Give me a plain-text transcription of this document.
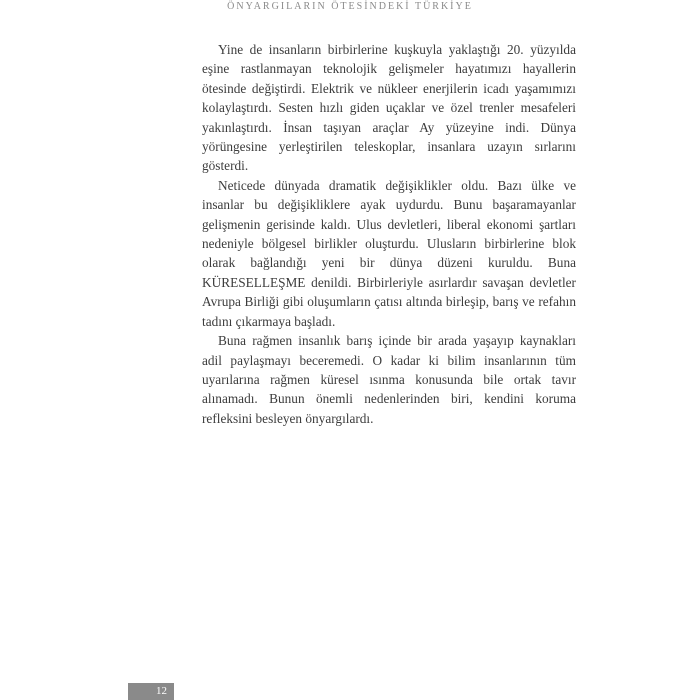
ÖNYARGILARIN ÖTESİNDEKİ TÜRKİYE

Yine de insanların birbirlerine kuşkuyla yaklaştığı 20. yüzyılda eşine rastlanmayan teknolojik gelişmeler hayatımızı hayallerin ötesinde değiştirdi. Elektrik ve nükleer enerjilerin icadı yaşamımızı kolaylaştırdı. Sesten hızlı giden uçaklar ve özel trenler mesafeleri yakınlaştırdı. İnsan taşıyan araçlar Ay yüzeyine indi. Dünya yörüngesine yerleştirilen teleskoplar, insanlara uzayın sırlarını gösterdi.

Neticede dünyada dramatik değişiklikler oldu. Bazı ülke ve insanlar bu değişikliklere ayak uydurdu. Bunu başaramayanlar gelişmenin gerisinde kaldı. Ulus devletleri, liberal ekonomi şartları nedeniyle bölgesel birlikler oluşturdu. Ulusların birbirlerine blok olarak bağlandığı yeni bir dünya düzeni kuruldu. Buna KÜRESELLEŞME denildi. Birbirleriyle asırlardır savaşan devletler Avrupa Birliği gibi oluşumların çatısı altında birleşip, barış ve refahın tadını çıkarmaya başladı.

Buna rağmen insanlık barış içinde bir arada yaşayıp kaynakları adil paylaşmayı beceremedi. O kadar ki bilim insanlarının tüm uyarılarına rağmen küresel ısınma konusunda bile ortak tavır alınamadı. Bunun önemli nedenlerinden biri, kendini koruma refleksini besleyen önyargılardı.

12
